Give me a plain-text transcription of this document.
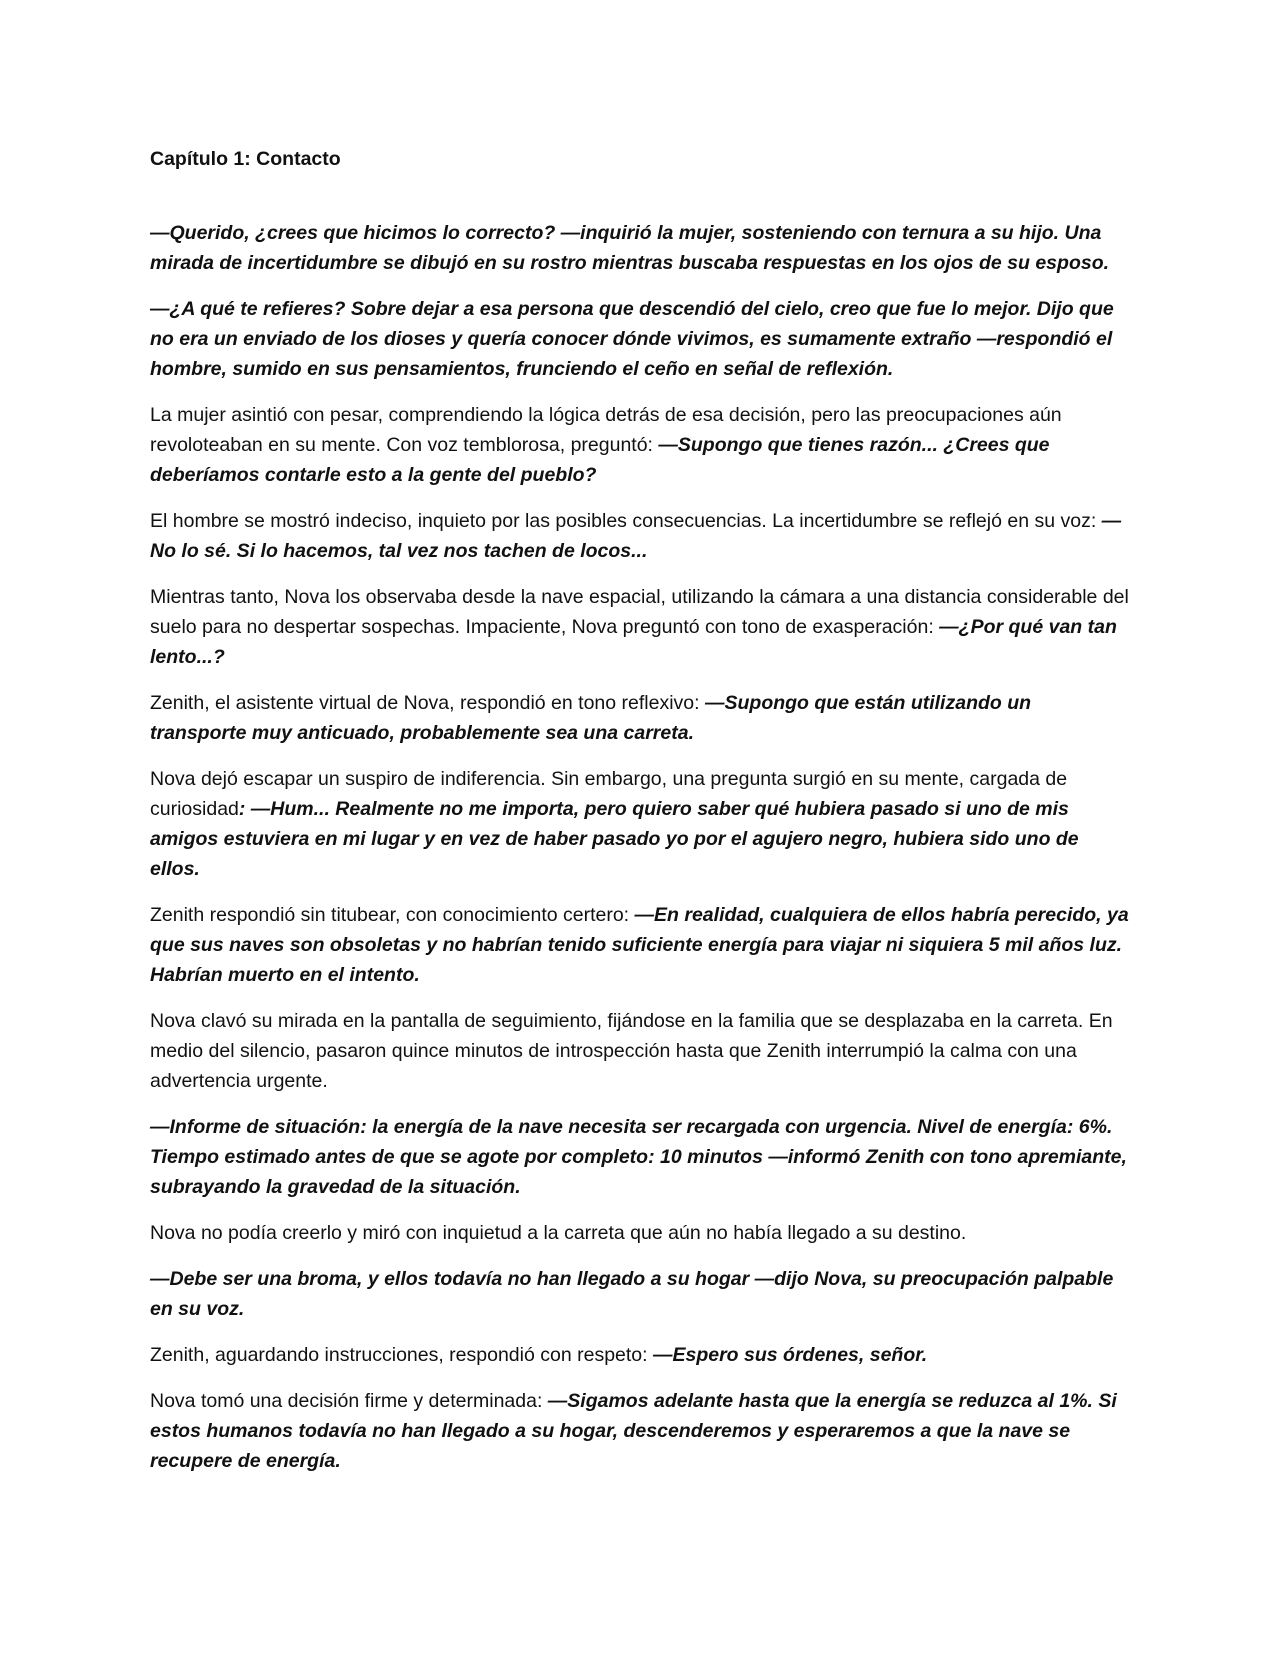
Capítulo 1: Contacto

—Querido, ¿crees que hicimos lo correcto? —inquirió la mujer, sosteniendo con ternura a su hijo. Una mirada de incertidumbre se dibujó en su rostro mientras buscaba respuestas en los ojos de su esposo.

—¿A qué te refieres? Sobre dejar a esa persona que descendió del cielo, creo que fue lo mejor. Dijo que no era un enviado de los dioses y quería conocer dónde vivimos, es sumamente extraño —respondió el hombre, sumido en sus pensamientos, frunciendo el ceño en señal de reflexión.

La mujer asintió con pesar, comprendiendo la lógica detrás de esa decisión, pero las preocupaciones aún revoloteaban en su mente. Con voz temblorosa, preguntó: —Supongo que tienes razón... ¿Crees que deberíamos contarle esto a la gente del pueblo?

El hombre se mostró indeciso, inquieto por las posibles consecuencias. La incertidumbre se reflejó en su voz: —No lo sé. Si lo hacemos, tal vez nos tachen de locos...

Mientras tanto, Nova los observaba desde la nave espacial, utilizando la cámara a una distancia considerable del suelo para no despertar sospechas. Impaciente, Nova preguntó con tono de exasperación: —¿Por qué van tan lento...?

Zenith, el asistente virtual de Nova, respondió en tono reflexivo: —Supongo que están utilizando un transporte muy anticuado, probablemente sea una carreta.

Nova dejó escapar un suspiro de indiferencia. Sin embargo, una pregunta surgió en su mente, cargada de curiosidad: —Hum... Realmente no me importa, pero quiero saber qué hubiera pasado si uno de mis amigos estuviera en mi lugar y en vez de haber pasado yo por el agujero negro, hubiera sido uno de ellos.

Zenith respondió sin titubear, con conocimiento certero: —En realidad, cualquiera de ellos habría perecido, ya que sus naves son obsoletas y no habrían tenido suficiente energía para viajar ni siquiera 5 mil años luz. Habrían muerto en el intento.

Nova clavó su mirada en la pantalla de seguimiento, fijándose en la familia que se desplazaba en la carreta. En medio del silencio, pasaron quince minutos de introspección hasta que Zenith interrumpió la calma con una advertencia urgente.

—Informe de situación: la energía de la nave necesita ser recargada con urgencia. Nivel de energía: 6%. Tiempo estimado antes de que se agote por completo: 10 minutos —informó Zenith con tono apremiante, subrayando la gravedad de la situación.

Nova no podía creerlo y miró con inquietud a la carreta que aún no había llegado a su destino.

—Debe ser una broma, y ellos todavía no han llegado a su hogar —dijo Nova, su preocupación palpable en su voz.

Zenith, aguardando instrucciones, respondió con respeto: —Espero sus órdenes, señor.

Nova tomó una decisión firme y determinada: —Sigamos adelante hasta que la energía se reduzca al 1%. Si estos humanos todavía no han llegado a su hogar, descenderemos y esperaremos a que la nave se recupere de energía.
